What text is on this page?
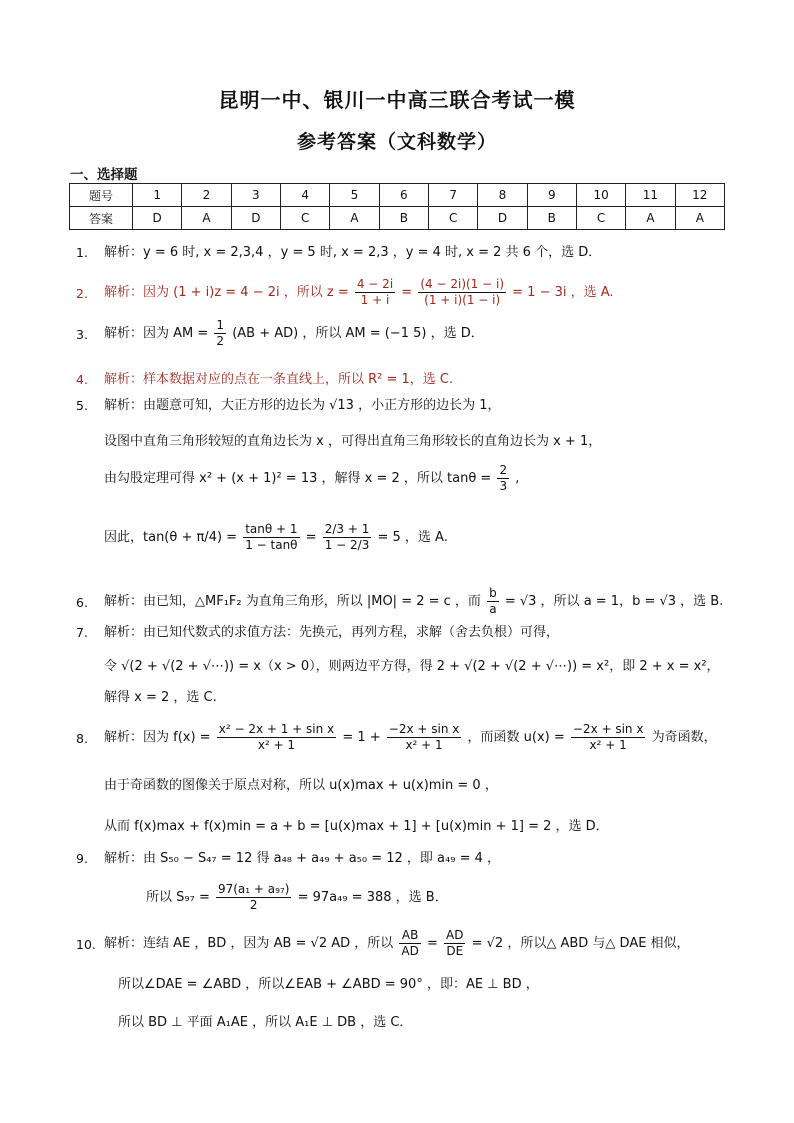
昆明一中、银川一中高三联合考试一模
参考答案（文科数学）
一、选择题
题号	1	2	3	4	5	6	7	8	9	10	11	12
答案	D	A	D	C	A	B	C	D	B	C	A	A
1. 解析：y = 6 时, x = 2,3,4 ，y = 5 时, x = 2,3 ，y = 4 时, x = 2 共 6 个，选 D．
2. 解析：因为 (1 + i)z = 4 − 2i ，所以 $z = \frac{4 - 2i}{1 + i} = \frac{(4 - 2i)(1 - i)}{(1 + i)(1 - i)} = 1 - 3i$ ，选 A.
3. 解析：因为 AM = $\frac{1}{2} (AB + AD)$ ，所以 AM = (−1 5) ，选 D．
4. 解析：样本数据对应的点在一条直线上，所以 R² = 1，选 C.
5. 解析：由题意可知，大正方形的边长为 √13 ，小正方形的边长为 1，
设图中直角三角形较短的直角边长为 x ，可得出直角三角形较长的直角边长为 x + 1，
由勾股定理可得 x² + (x + 1)² = 13 ，解得 x = 2 ，所以 $\tan\theta = \frac{2}{3}$ ,
因此，$\tan(\theta + \pi/4) = \frac{\tan\theta + 1}{1 - \tan\theta} = \frac{2/3 + 1}{1 - 2/3} = 5$ ，选 A.
6. 解析：由已知，△MF₁F₂ 为直角三角形，所以 |MO| = 2 = c ，而 $\frac{b}{a} = √3$ ，所以 a = 1，b = √3 ，选 B.
7. 解析：由已知代数式的求值方法：先换元，再列方程，求解（舍去负根）可得，
令 √(2 + √(2 + √⋯)) = x（x > 0），则两边平方得，得 2 + √(2 + √(2 + √⋯)) = x²，即 2 + x = x²，
解得 x = 2 ，选 C.
8. 解析：因为 $f(x) = \frac{\text{x² − 2x + 1 + sin x}}{\text{x² + 1}} = 1 + \frac{\text{−2x + sin x}}{\text{x² + 1}}$ ，而函数 $u(x) = \frac{\text{−2x + sin x}}{\text{x² + 1}}$ 为奇函数，
由于奇函数的图像关于原点对称，所以 u(x)max + u(x)min = 0 ，
从而 f(x)max + f(x)min = a + b = [u(x)max + 1] + [u(x)min + 1] = 2 ，选 D．
9. 解析：由 S₅₀ − S₄₇ = 12 得 a₄₈ + a₄₉ + a₅₀ = 12 ，即 a₄₉ = 4 ，
所以 $S_{97} = \frac{\text{97(a₁ + a₉₇)}}{2} = 97a_{49} = 388$ ，选 B．
10. 解析：连结 AE ，BD ，因为 AB = √2 AD ，所以 $\frac{AB}{AD} = \frac{AD}{DE} = √2$ ，所以△ ABD 与△ DAE 相似，
所以∠DAE = ∠ABD ，所以∠EAB + ∠ABD = 90° ，即：AE ⊥ BD ，
所以 BD ⊥ 平面 A₁AE ，所以 A₁E ⊥ DB ，选 C．
